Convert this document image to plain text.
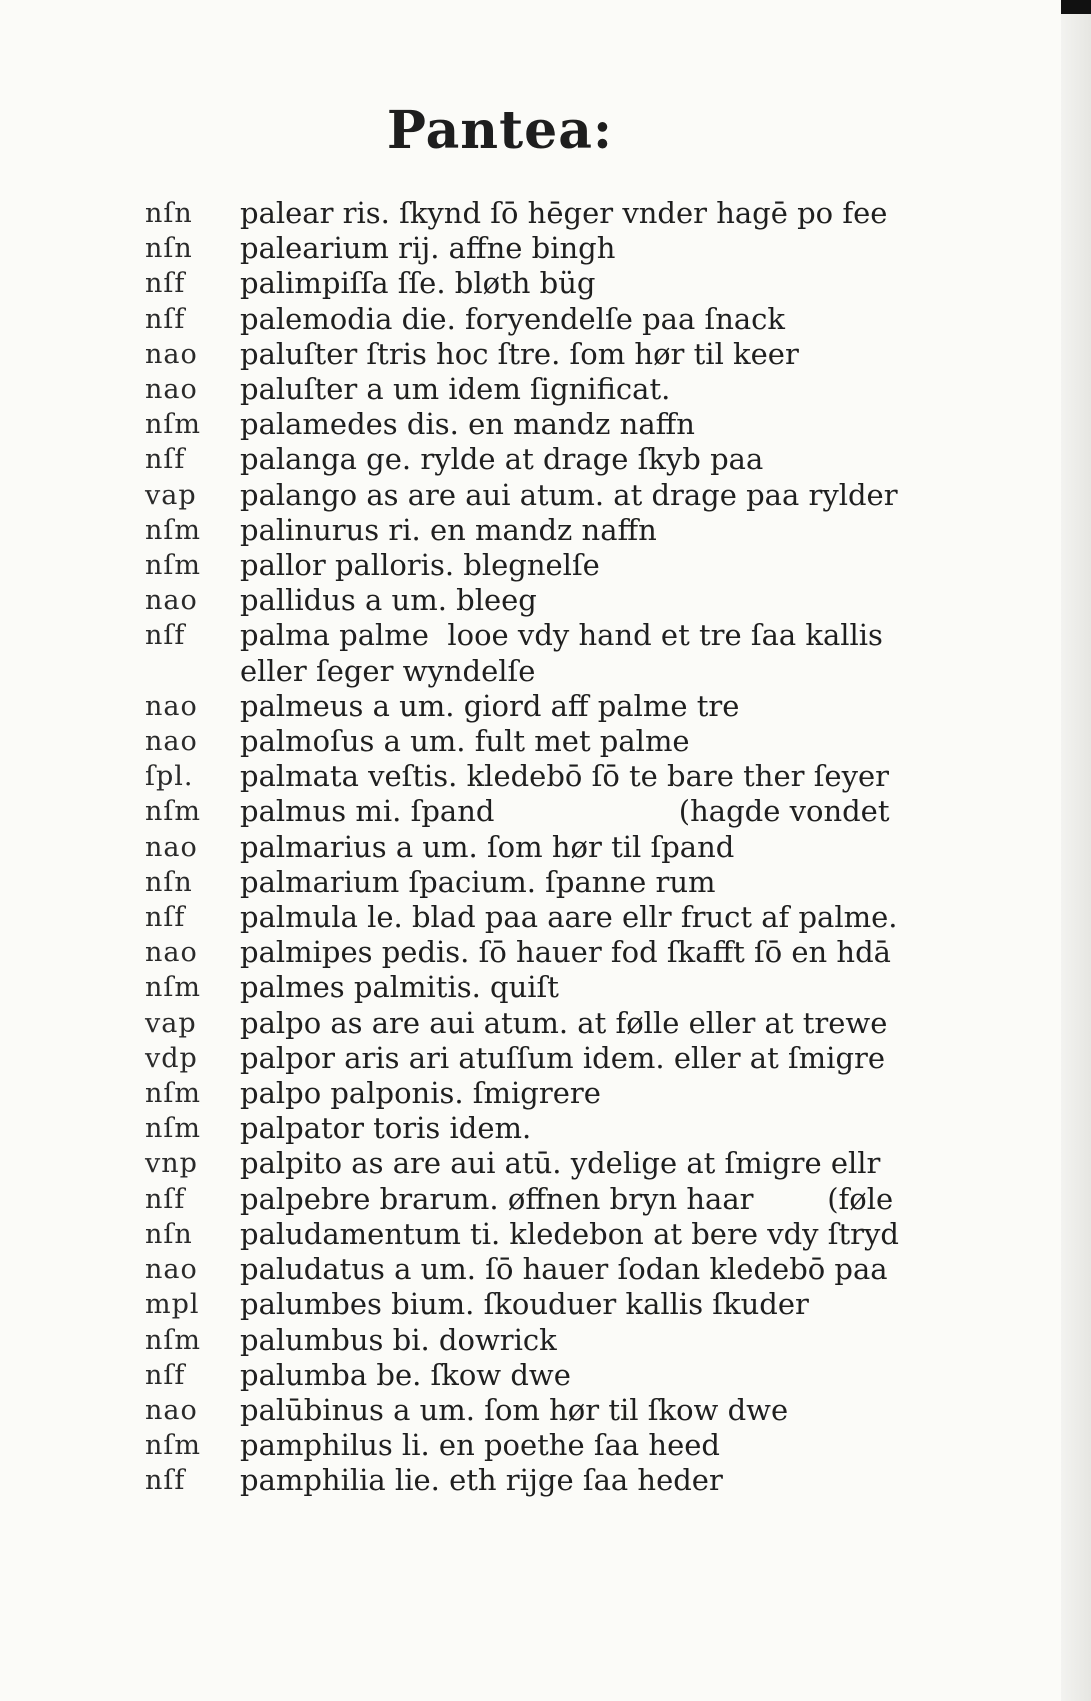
Pantea:
nſn	palear ris. ſkynd ſō hēger vnder hagē po fee
nſn	palearium rij. affne bingh
nſf	palimpiſſa ſſe. bløth büg
nſf	palemodia die. forуendelſe paa ſnack
nao	paluſter ſtris hoc ſtre. ſom hør til keer
nao	paluſter a um idem ſignificat.
nſm	palamedes dis. en mandz naffn
nſf	palanga ge. rylde at drage ſkyb paa
vap	palango as are aui atum. at drage paa rylder
nſm	palinurus ri. en mandz naffn
nſm	pallor palloris. blegnelſe
nao	pallidus a um. bleeg
nſf	palma palme  looe vdy hand et tre ſaa kallis
eller ſeger wyndelſe
nao	palmeus a um. giord aff palme tre
nao	palmoſus a um. fult met palme
ſpl.	palmata veſtis. kledebō ſō te bare ther ſeyer
nſm	palmus mi. ſpand                    (hagde vondet
nao	palmarius a um. ſom hør til ſpand
nſn	palmarium ſpacium. ſpanne rum
nſf	palmula le. blad paa aare ellr fruct af palme.
nao	palmipes pedis. ſō hauer fod ſkafft ſō en hdā
nſm	palmes palmitis. quiſt
vap	palpo as are aui atum. at følle eller at trewe
vdp	palpor aris ari atuſſum idem. eller at ſmigre
nſm	palpo palponis. ſmigrere
nſm	palpator toris idem.
vnp	palpito as are aui atū. ydelige at ſmigre ellr
nſf	palpebre brarum. øffnen bryn haar        (føle
nſn	paludamentum ti. kledebon at bere vdy ſtryd
nao	paludatus a um. ſō hauer ſodan kledebō paa
mpl	palumbes bium. ſkouduer kallis ſkuder
nſm	palumbus bi. dowrick
nſf	palumba be. ſkow dwe
nao	palūbinus a um. ſom hør til ſkow dwe
nſm	pamphilus li. en poethe ſaa heed
nſf	pamphilia lie. eth rijge ſaa heder
